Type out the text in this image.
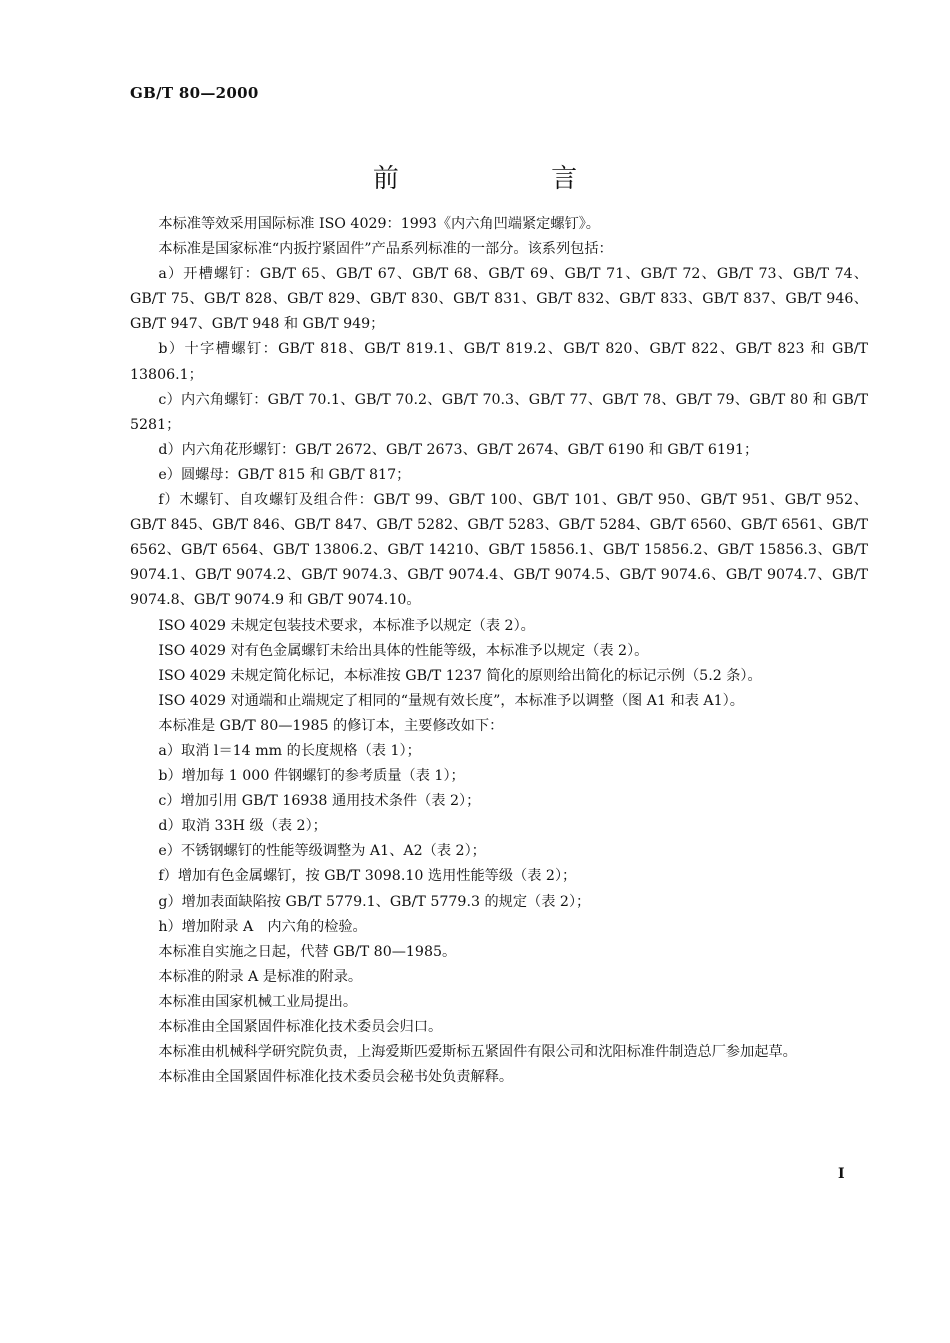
GB/T 80—2000
前 言

本标准等效采用国际标准 ISO 4029：1993《内六角凹端紧定螺钉》。

本标准是国家标准“内扳拧紧固件”产品系列标准的一部分。该系列包括：

a）开槽螺钉：GB/T 65、GB/T 67、GB/T 68、GB/T 69、GB/T 71、GB/T 72、GB/T 73、GB/T 74、GB/T 75、GB/T 828、GB/T 829、GB/T 830、GB/T 831、GB/T 832、GB/T 833、GB/T 837、GB/T 946、GB/T 947、GB/T 948 和 GB/T 949；

b）十字槽螺钉：GB/T 818、GB/T 819.1、GB/T 819.2、GB/T 820、GB/T 822、GB/T 823 和 GB/T 13806.1；

c）内六角螺钉：GB/T 70.1、GB/T 70.2、GB/T 70.3、GB/T 77、GB/T 78、GB/T 79、GB/T 80 和 GB/T 5281；

d）内六角花形螺钉：GB/T 2672、GB/T 2673、GB/T 2674、GB/T 6190 和 GB/T 6191；

e）圆螺母：GB/T 815 和 GB/T 817；

f）木螺钉、自攻螺钉及组合件：GB/T 99、GB/T 100、GB/T 101、GB/T 950、GB/T 951、GB/T 952、GB/T 845、GB/T 846、GB/T 847、GB/T 5282、GB/T 5283、GB/T 5284、GB/T 6560、GB/T 6561、GB/T 6562、GB/T 6564、GB/T 13806.2、GB/T 14210、GB/T 15856.1、GB/T 15856.2、GB/T 15856.3、GB/T 9074.1、GB/T 9074.2、GB/T 9074.3、GB/T 9074.4、GB/T 9074.5、GB/T 9074.6、GB/T 9074.7、GB/T 9074.8、GB/T 9074.9 和 GB/T 9074.10。

ISO 4029 未规定包装技术要求，本标准予以规定（表 2）。

ISO 4029 对有色金属螺钉未给出具体的性能等级，本标准予以规定（表 2）。

ISO 4029 未规定简化标记，本标准按 GB/T 1237 简化的原则给出简化的标记示例（5.2 条）。

ISO 4029 对通端和止端规定了相同的“量规有效长度”，本标准予以调整（图 A1 和表 A1）。

本标准是 GB/T 80—1985 的修订本，主要修改如下：

a）取消 l＝14 mm 的长度规格（表 1）；

b）增加每 1 000 件钢螺钉的参考质量（表 1）；

c）增加引用 GB/T 16938 通用技术条件（表 2）；

d）取消 33H 级（表 2）；

e）不锈钢螺钉的性能等级调整为 A1、A2（表 2）；

f）增加有色金属螺钉，按 GB/T 3098.10 选用性能等级（表 2）；

g）增加表面缺陷按 GB/T 5779.1、GB/T 5779.3 的规定（表 2）；

h）增加附录 A　内六角的检验。

本标准自实施之日起，代替 GB/T 80—1985。

本标准的附录 A 是标准的附录。

本标准由国家机械工业局提出。

本标准由全国紧固件标准化技术委员会归口。

本标准由机械科学研究院负责，上海爱斯匹爱斯标五紧固件有限公司和沈阳标准件制造总厂参加起草。

本标准由全国紧固件标准化技术委员会秘书处负责解释。

I
